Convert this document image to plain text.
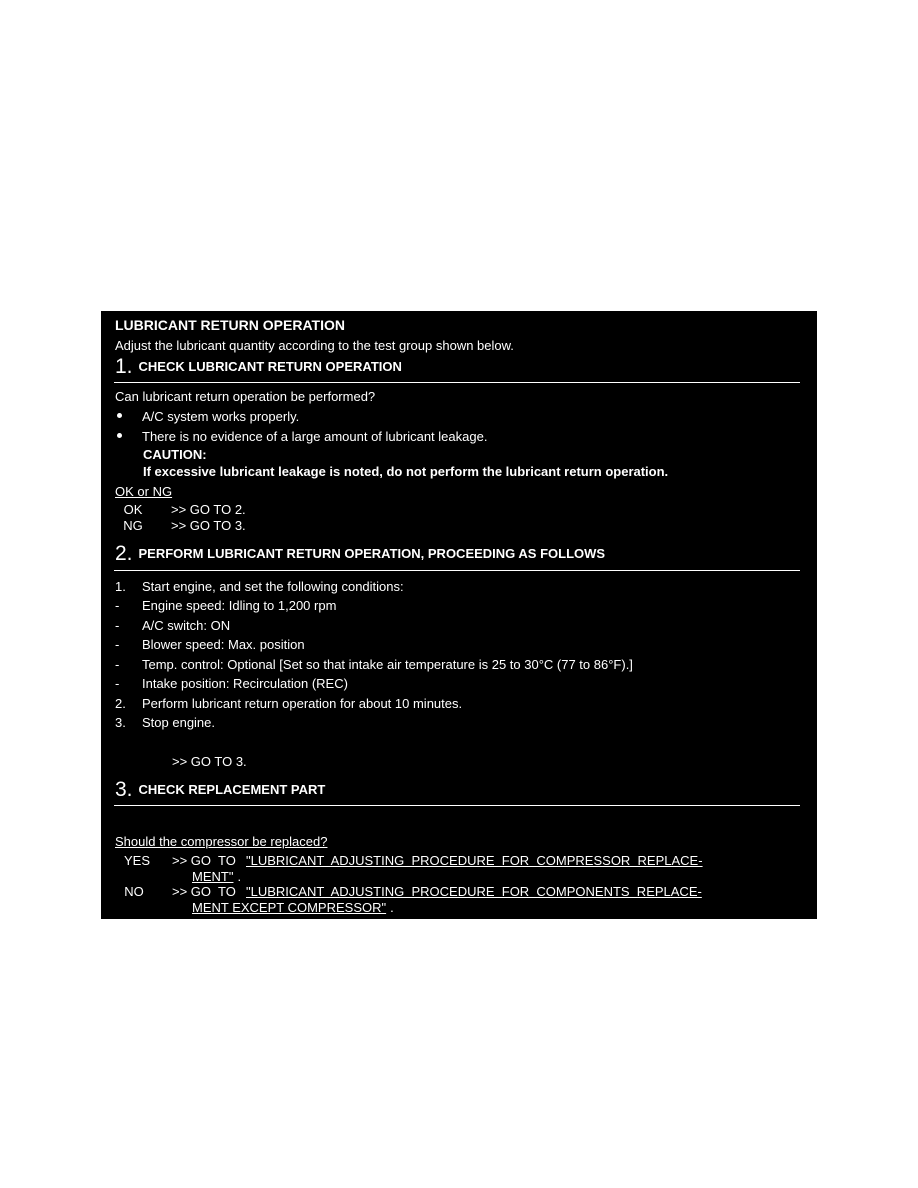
LUBRICANT RETURN OPERATION
Adjust the lubricant quantity according to the test group shown below.
1. CHECK LUBRICANT RETURN OPERATION
Can lubricant return operation be performed?
A/C system works properly.
There is no evidence of a large amount of lubricant leakage.
CAUTION:
If excessive lubricant leakage is noted, do not perform the lubricant return operation.
OK or NG
OK >> GO TO 2.
NG >> GO TO 3.
2. PERFORM LUBRICANT RETURN OPERATION, PROCEEDING AS FOLLOWS
1. Start engine, and set the following conditions:
- Engine speed: Idling to 1,200 rpm
- A/C switch: ON
- Blower speed: Max. position
- Temp. control: Optional [Set so that intake air temperature is 25 to 30°C (77 to 86°F).]
- Intake position: Recirculation (REC)
2. Perform lubricant return operation for about 10 minutes.
3. Stop engine.
>> GO TO 3.
3. CHECK REPLACEMENT PART
Should the compressor be replaced?
YES >> GO  TO "LUBRICANT  ADJUSTING  PROCEDURE  FOR  COMPRESSOR  REPLACE-
MENT" .
NO >> GO  TO "LUBRICANT  ADJUSTING  PROCEDURE  FOR  COMPONENTS  REPLACE-
MENT EXCEPT COMPRESSOR" .
